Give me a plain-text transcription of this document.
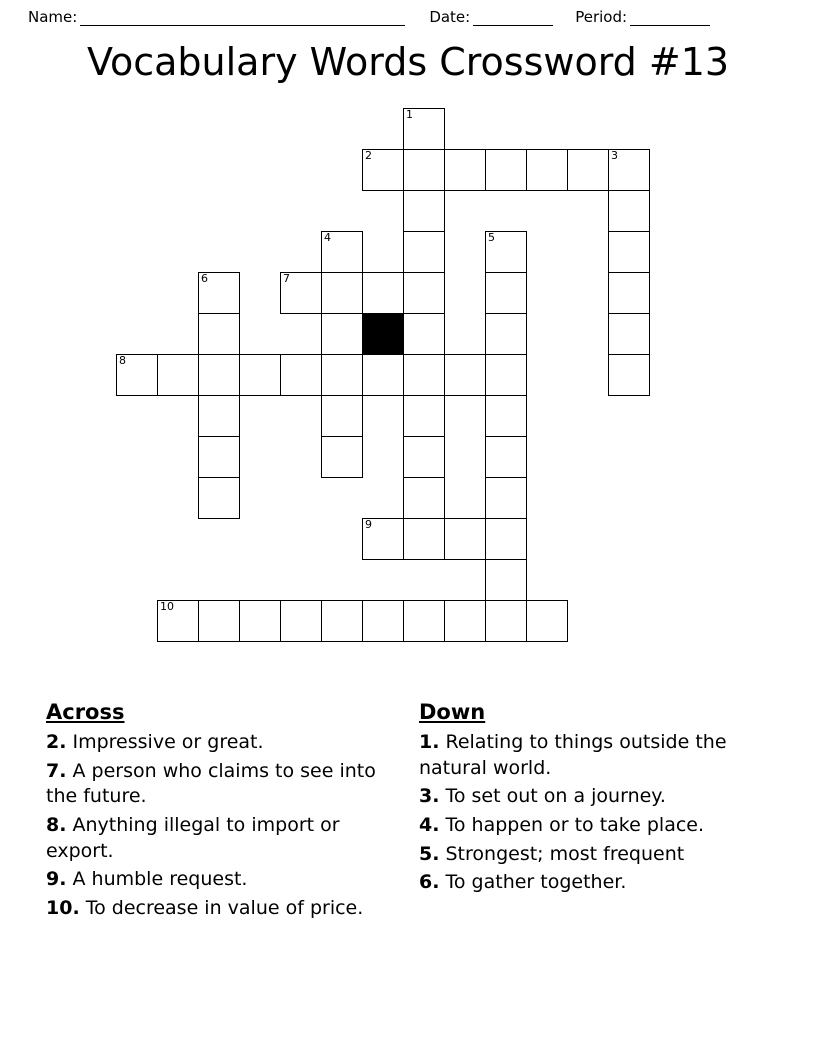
Name:	Date:	Period:
Vocabulary Words Crossword #13
1
2	3
4	5
6	7
8
9
10
Across
2. Impressive or great.
7. A person who claims to see into the future.
8. Anything illegal to import or export.
9. A humble request.
10. To decrease in value of price.
Down
1. Relating to things outside the natural world.
3. To set out on a journey.
4. To happen or to take place.
5. Strongest; most frequent
6. To gather together.
